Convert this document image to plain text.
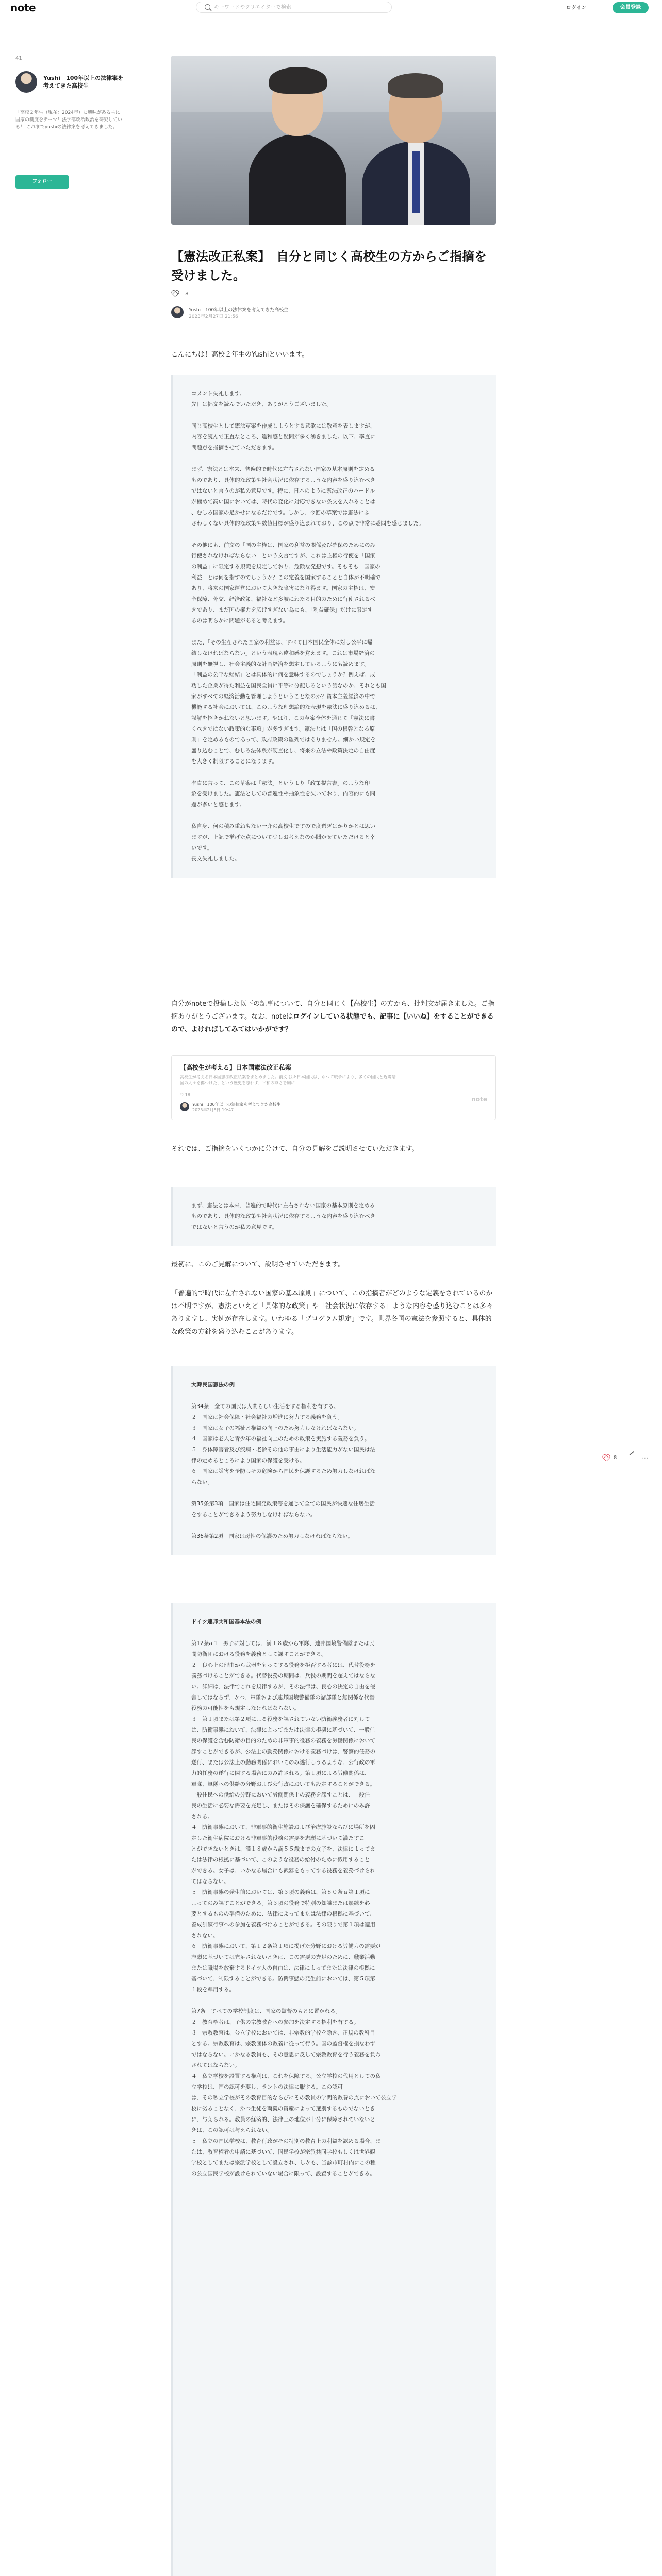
note
キーワードやクリエイターで検索	ログイン	会員登録
41
Yushi　100年以上の法律案を考えてきた高校生
「高校２年生（現在：2024年）に興味がある主に国家の制度をテーマ！法学部政治政治を研究している！ これまでyushiの法律案を考えてきました。
フォロー
【憲法改正私案】　自分と同じく高校生の方からご指摘を受けました。
8
Yushi　100年以上の法律案を考えてきた高校生
2023年2月27日 21:56
こんにちは！高校２年生のYushiといいます。
コメント失礼します。
先日は拙文を読んでいただき、ありがとうございました。

同じ高校生として憲法草案を作成しようとする意欲には敬意を表しますが、
内容を読んで正直なところ、違和感と疑問が多く湧きました。以下、率直に
問題点を指摘させていただきます。

まず、憲法とは本来、普遍的で時代に左右されない国家の基本原則を定める
ものであり、具体的な政策や社会状況に依存するような内容を盛り込むべき
ではないと言うのが私の意見です。特に、日本のように憲法改正のハードル
が極めて高い国においては、時代の変化に対応できない条文を入れることは
、むしろ国家の足かせになるだけです。しかし、今回の草案では憲法にふ
さわしくない具体的な政策や数値目標が盛り込まれており、この点で非常に疑問を感じました。

その他にも、前文の「国の主権は、国家の利益の関係及び確保のためにのみ
行使されなければならない」という文言ですが、これは主権の行使を「国家
の利益」に限定する規範を規定しており、危険な発想です。そもそも「国家の
利益」とは何を指すのでしょうか？この定義を国家することと自体が不明確で
あり、将来の国家運営において大きな障害になり得ます。国家の主権は、安
全保障、外交、経済政策、福祉など多岐にわたる目的のために行使されるべ
きであり、まだ国の権力を広げすぎない為にも、「利益確保」だけに限定す
るのは明らかに問題があると考えます。

また、「その生産された国家の利益は、すべて日本国民全体に対し公平に帰
結しなければならない」という表現も違和感を覚えます。これは市場経済の
原則を無視し、社会主義的な計画経済を想定しているようにも読めます。
「利益の公平な帰結」とは具体的に何を意味するのでしょうか？例えば、成
功した企業が得た利益を国民全員に平等に分配しろという話なのか、それとも国
家がすべての経済活動を管理しようということなのか？資本主義経済の中で
機能する社会においては、このような理想論的な表現を憲法に盛り込めるは、
誤解を招きかねないと思います。やはり、この草案全体を通じて「憲法に書
くべきではない政策的な事項」が多すぎます。憲法とは「国の根幹となる原
則」を定めるものであって、政府政策の羅列ではありません。細かい規定を
盛り込むことで、むしろ法体系が硬直化し、将来の立法や政策決定の自由度
を大きく制限することになります。

率直に言って、この草案は「憲法」というより「政策提言書」のような印
象を受けました。憲法としての普遍性や抽象性を欠いており、内容的にも問
題が多いと感じます。

私自身、何の積み重ねもない一介の高校生ですので度過ぎはかりかとは思い
ますが、上記で挙げた点について少しお考えなのか聞かせていただけると幸
いです。
長文失礼しました。
自分がnoteで投稿した以下の記事について、自分と同じく【高校生】の方から、批判文が届きました。ご指摘ありがとうございます。なお、noteはログインしている状態でも、記事に【いいね】をすることができるので、よければしてみてはいかがです？
【高校生が考える】日本国憲法改正私案
高校生が考える日本国憲法改正私案をまとめました。前文 我々日本国民は、かつて戦争により、多くの国民と近隣諸国の人々を傷つけた、という歴史を忘れず、平和の尊さを胸に……
♡ 16
Yushi　100年以上の法律案を考えてきた高校生
2023年2月8日 19:47
note
それでは、ご指摘をいくつかに分けて、自分の見解をご説明させていただきます。
まず、憲法とは本来、普遍的で時代に左右されない国家の基本原則を定める
ものであり、具体的な政策や社会状況に依存するような内容を盛り込むべき
ではないと言うのが私の意見です。
最初に、このご見解について、説明させていただきます。
「普遍的で時代に左右されない国家の基本原則」について、この指摘者がどのような定義をされているのかは不明ですが、憲法といえど「具体的な政策」や「社会状況に依存する」ような内容を盛り込むことは多々ありますし、実例が存在します。いわゆる「プログラム規定」です。世界各国の憲法を参照すると、具体的な政策の方針を盛り込むことがあります。
大韓民国憲法の例
第34条　全ての国民は人間らしい生活をする権利を有する。
２　国家は社会保障・社会福祉の増進に努力する義務を負う。
３　国家は女子の福祉と権益の向上のため努力しなければならない。
４　国家は老人と青少年の福祉向上のための政策を実施する義務を負う。
５　身体障害者及び疾病・老齢その他の事由により生活能力がない国民は法
律の定めるところにより国家の保護を受ける。
６　国家は災害を予防しその危険から国民を保護するため努力しなければな
らない。

第35条第3項　国家は住宅開発政策等を通じて全ての国民が快適な住居生活
をすることができるよう努力しなければならない。

第36条第2項　国家は母性の保護のため努力しなければならない。
ドイツ連邦共和国基本法の例
第12条a 1　男子に対しては、満１８歳から軍隊、連邦国境警備隊または民
間防衛団における役務を義務として課すことができる。
２　良心上の理由から武器をもってする役務を拒否する者には、代替役務を
義務づけることができる。代替役務の期間は、兵役の期間を超えてはならな
い。詳細は、法律でこれを規律するが、その法律は、良心の決定の自由を侵
害してはならず、かつ、軍隊および連邦国境警備隊の諸部隊と無関係な代替
役務の可能性をも規定しなければならない。
３　第１項または第２項による役務を課されていない防衛義務者に対して
は、防衛事態において、法律によってまたは法律の根拠に基づいて、一般住
民の保護を含む防衛の目的のための非軍事的役務の義務を労働関係において
課すことができるが、公法上の勤務関係における義務づけは、警察的任務の
遂行、または公法上の勤務関係においてのみ遂行しうるような、公行政の軍
力的任務の遂行に関する場合にのみ許される。第１項による労働関係は、
軍隊、軍隊への供給の分野および公行政においても設定することができる。
一般住民への供給の分野において労働関係上の義務を課すことは、一般住
民の生活に必要な需要を充足し、またはその保護を確保するためにのみ許
される。
４　防衛事態において、非軍事的衛生施設および治療施設ならびに場所を固
定した衛生病院における非軍事的役務の需要を志願に基づいて満たすこ
とができないときは、満１８歳から満５５歳までの女子を、法律によってま
たは法律の根拠に基づいて、このような役務の給付のために徴用すること
ができる。女子は、いかなる場合にも武器をもってする役務を義務づけられ
てはならない。
５　防衛事態の発生前においては、第３項の義務は、第８０条ａ第１項に
よってのみ課すことができる。第３項の役務で特別の知識または熟練を必
要とするものの準備のために、法律によってまたは法律の根拠に基づいて、
養成訓練行事への参加を義務づけることができる。その限りで第１項は適用
されない。
６　防衛事態において、第１２条第１項に掲げた分野における労働力の需要が
志願に基づいては充足されないときは、この需要の充足のために、職業活動
または職場を放棄するドイツ人の自由は、法律によってまたは法律の根拠に
基づいて、制限することができる。防衛事態の発生前においては、第５項第
１段を準用する。

第7条　すべての学校制度は、国家の監督のもとに置かれる。
２　教育権者は、子供の宗教教育への参加を決定する権利を有する。
３　宗教教育は、公立学校においては、非宗教的学校を除き、正規の教科目
とする。宗教教育は、宗教団体の教義に従って行う。国の監督権を損なわず
ではならない。いかなる教員も、その意思に反して宗教教育を行う義務を負わ
されてはならない。
４　私立学校を設置する権利は、これを保障する。公立学校の代用としての私
立学校は、国の認可を要し、ラントの法律に服する。この認可
は、その私立学校がその教育目的ならびにその教員の学問的教養の点において公立学
校に劣ることなく、かつ生徒を両親の資産によって選別するものでないとき
に、与えられる。教員の経済的、法律上の地位が十分に保障されていないと
きは、この認可は与えられない。
５　私立の国民学校は、教育行政がその特別の教育上の利益を認める場合、ま
たは、教育権者の申請に基づいて、国民学校が宗派共同学校もしくは世界観
学校としてまたは宗派学校として設立され、しかも、当該市町村内にこの種
の公立国民学校が設けられていない場合に限って、設置することができる。
8	···
